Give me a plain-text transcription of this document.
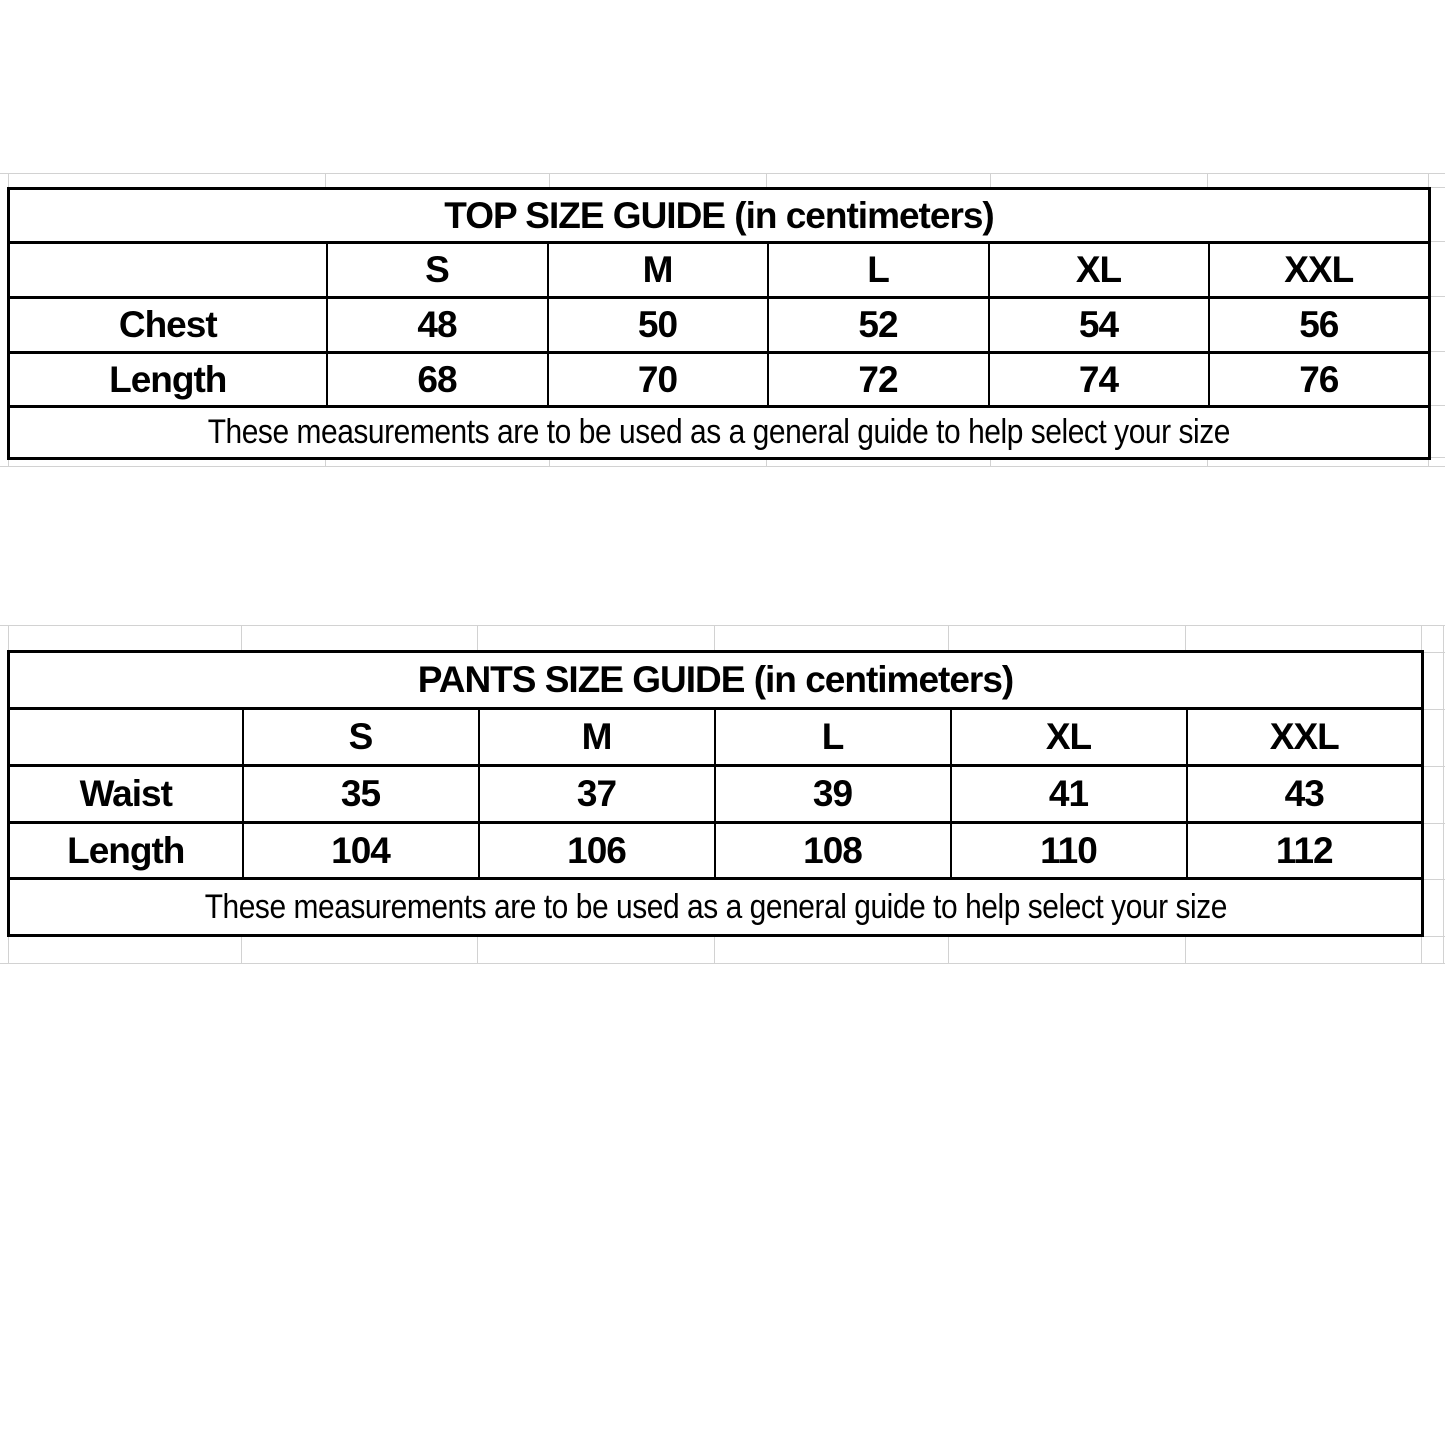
TOP SIZE GUIDE (in centimeters)					
	S	M	L	XL	XXL
Chest	48	50	52	54	56
Length	68	70	72	74	76
These measurements are to be used as a general guide to help select your size					
PANTS SIZE GUIDE (in centimeters)					
	S	M	L	XL	XXL
Waist	35	37	39	41	43
Length	104	106	108	110	112
These measurements are to be used as a general guide to help select your size					
